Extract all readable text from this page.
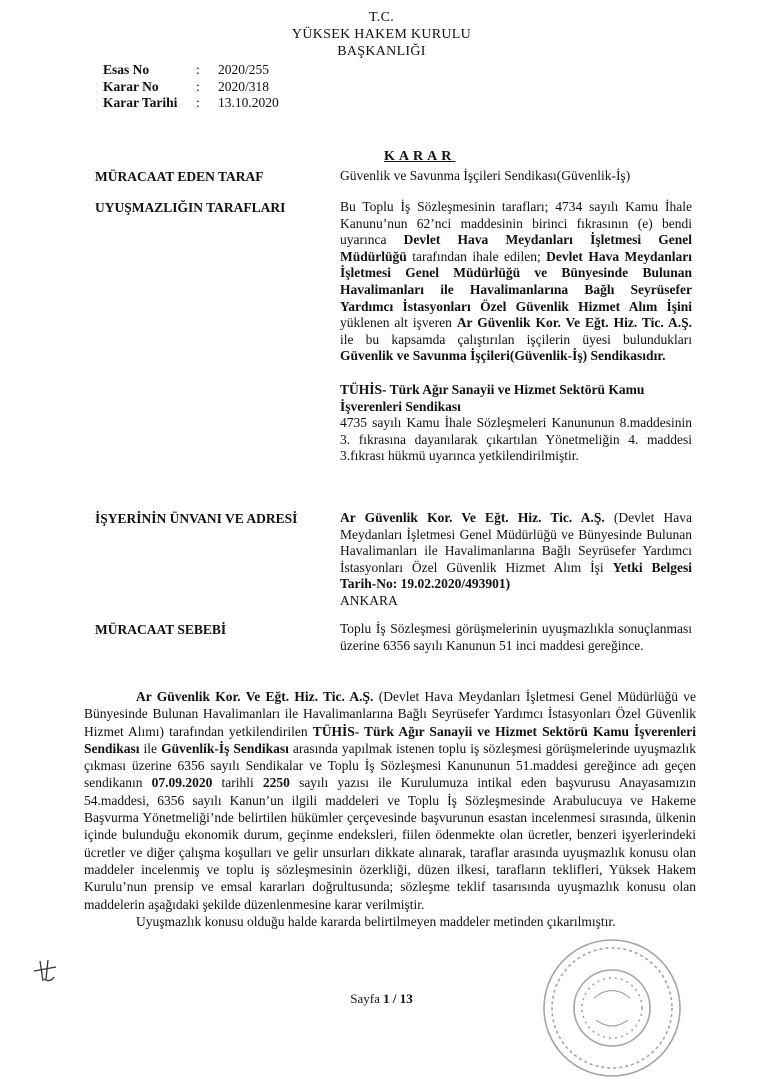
T.C.
YÜKSEK HAKEM KURULU
BAŞKANLIĞI
Esas No	:	2020/255
Karar No	:	2020/318
Karar Tarihi	:	13.10.2020
KARAR
MÜRACAAT EDEN TARAF	Güvenlik ve Savunma İşçileri Sendikası(Güvenlik-İş)

UYUŞMAZLIĞIN TARAFLARI	Bu Toplu İş Sözleşmesinin tarafları; 4734 sayılı Kamu İhale Kanunu’nun 62’nci maddesinin birinci fıkrasının (e) bendi uyarınca Devlet Hava Meydanları İşletmesi Genel Müdürlüğü tarafından ihale edilen; Devlet Hava Meydanları İşletmesi Genel Müdürlüğü ve Bünyesinde Bulunan Havalimanları ile Havalimanlarına Bağlı Seyrüsefer Yardımcı İstasyonları Özel Güvenlik Hizmet Alım İşini yüklenen alt işveren Ar Güvenlik Kor. Ve Eğt. Hiz. Tic. A.Ş. ile bu kapsamda çalıştırılan işçilerin üyesi bulundukları Güvenlik ve Savunma İşçileri(Güvenlik-İş) Sendikasıdır.

TÜHİS- Türk Ağır Sanayii ve Hizmet Sektörü Kamu İşverenleri Sendikası

4735 sayılı Kamu İhale Sözleşmeleri Kanununun 8.maddesinin 3. fıkrasına dayanılarak çıkartılan Yönetmeliğin 4. maddesi 3.fıkrası hükmü uyarınca yetkilendirilmiştir.

İŞYERİNİN ÜNVANI VE ADRESİ	Ar Güvenlik Kor. Ve Eğt. Hiz. Tic. A.Ş. (Devlet Hava Meydanları İşletmesi Genel Müdürlüğü ve Bünyesinde Bulunan Havalimanları ile Havalimanlarına Bağlı Seyrüsefer Yardımcı İstasyonları Özel Güvenlik Hizmet Alım İşi Yetki Belgesi Tarih-No: 19.02.2020/493901)

ANKARA

MÜRACAAT SEBEBİ	Toplu İş Sözleşmesi görüşmelerinin uyuşmazlıkla sonuçlanması üzerine 6356 sayılı Kanunun 51 inci maddesi gereğince.

Ar Güvenlik Kor. Ve Eğt. Hiz. Tic. A.Ş. (Devlet Hava Meydanları İşletmesi Genel Müdürlüğü ve Bünyesinde Bulunan Havalimanları ile Havalimanlarına Bağlı Seyrüsefer Yardımcı İstasyonları Özel Güvenlik Hizmet Alımı) tarafından yetkilendirilen TÜHİS- Türk Ağır Sanayii ve Hizmet Sektörü Kamu İşverenleri Sendikası ile Güvenlik-İş Sendikası arasında yapılmak istenen toplu iş sözleşmesi görüşmelerinde uyuşmazlık çıkması üzerine 6356 sayılı Sendikalar ve Toplu İş Sözleşmesi Kanununun 51.maddesi gereğince adı geçen sendikanın 07.09.2020 tarihli 2250 sayılı yazısı ile Kurulumuza intikal eden başvurusu Anayasamızın 54.maddesi, 6356 sayılı Kanun’un ilgili maddeleri ve Toplu İş Sözleşmesinde Arabulucuya ve Hakeme Başvurma Yönetmeliği’nde belirtilen hükümler çerçevesinde başvurunun esastan incelenmesi sırasında, ülkenin içinde bulunduğu ekonomik durum, geçinme endeksleri, fiilen ödenmekte olan ücretler, benzeri işyerlerindeki ücretler ve diğer çalışma koşulları ve gelir unsurları dikkate alınarak, taraflar arasında uyuşmazlık konusu olan maddeler incelenmiş ve toplu iş sözleşmesinin özerkliği, düzen ilkesi, tarafların teklifleri, Yüksek Hakem Kurulu’nun prensip ve emsal kararları doğrultusunda; sözleşme teklif tasarısında uyuşmazlık konusu olan maddelerin aşağıdaki şekilde düzenlenmesine karar verilmiştir.

Uyuşmazlık konusu olduğu halde kararda belirtilmeyen maddeler metinden çıkarılmıştır.

Sayfa 1 / 13
